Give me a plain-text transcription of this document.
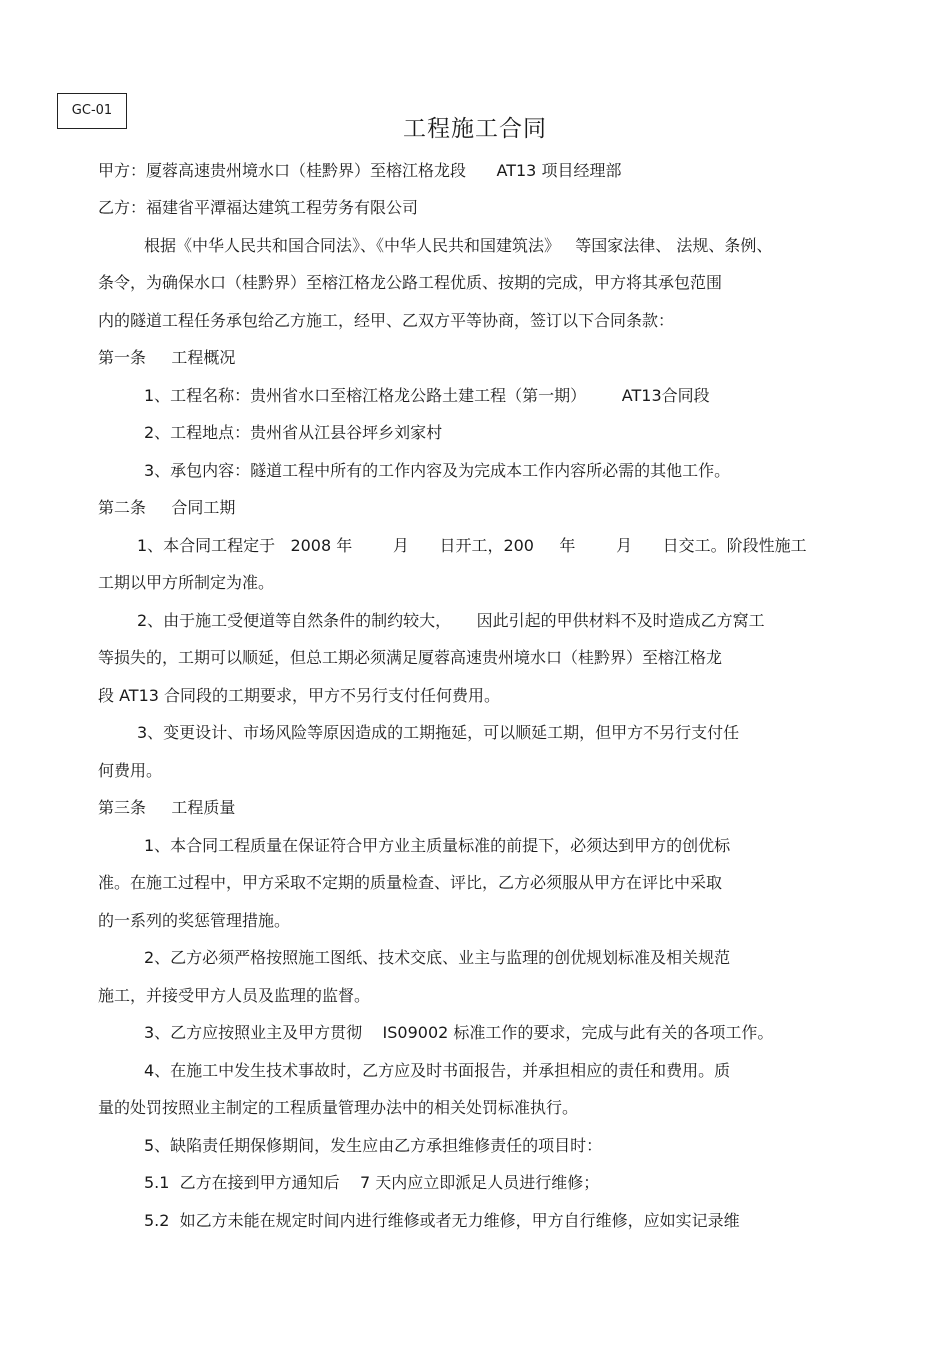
GC-01
工程施工合同
甲方：厦蓉高速贵州境水口（桂黔界）至榕江格龙段      AT13 项目经理部
乙方：福建省平潭福达建筑工程劳务有限公司
根据《中华人民共和国合同法》、《中华人民共和国建筑法》   等国家法律、 法规、条例、
条令，为确保水口（桂黔界）至榕江格龙公路工程优质、按期的完成，甲方将其承包范围
内的隧道工程任务承包给乙方施工，经甲、乙双方平等协商，签订以下合同条款：
第一条     工程概况
1、工程名称：贵州省水口至榕江格龙公路土建工程（第一期）       AT13合同段
2、工程地点：贵州省从江县谷坪乡刘家村
3、承包内容：隧道工程中所有的工作内容及为完成本工作内容所必需的其他工作。
第二条     合同工期
1、本合同工程定于   2008 年        月      日开工，200     年        月      日交工。阶段性施工
工期以甲方所制定为准。
2、由于施工受便道等自然条件的制约较大，     因此引起的甲供材料不及时造成乙方窝工
等损失的，工期可以顺延，但总工期必须满足厦蓉高速贵州境水口（桂黔界）至榕江格龙
段 AT13 合同段的工期要求，甲方不另行支付任何费用。
3、变更设计、市场风险等原因造成的工期拖延，可以顺延工期，但甲方不另行支付任
何费用。
第三条     工程质量
1、本合同工程质量在保证符合甲方业主质量标准的前提下，必须达到甲方的创优标
准。在施工过程中，甲方采取不定期的质量检查、评比，乙方必须服从甲方在评比中采取
的一系列的奖惩管理措施。
2、乙方必须严格按照施工图纸、技术交底、业主与监理的创优规划标准及相关规范
施工，并接受甲方人员及监理的监督。
3、乙方应按照业主及甲方贯彻    IS09002 标准工作的要求，完成与此有关的各项工作。
4、在施工中发生技术事故时，乙方应及时书面报告，并承担相应的责任和费用。质
量的处罚按照业主制定的工程质量管理办法中的相关处罚标准执行。
5、缺陷责任期保修期间，发生应由乙方承担维修责任的项目时：
5.1  乙方在接到甲方通知后    7 天内应立即派足人员进行维修；
5.2  如乙方未能在规定时间内进行维修或者无力维修，甲方自行维修，应如实记录维
